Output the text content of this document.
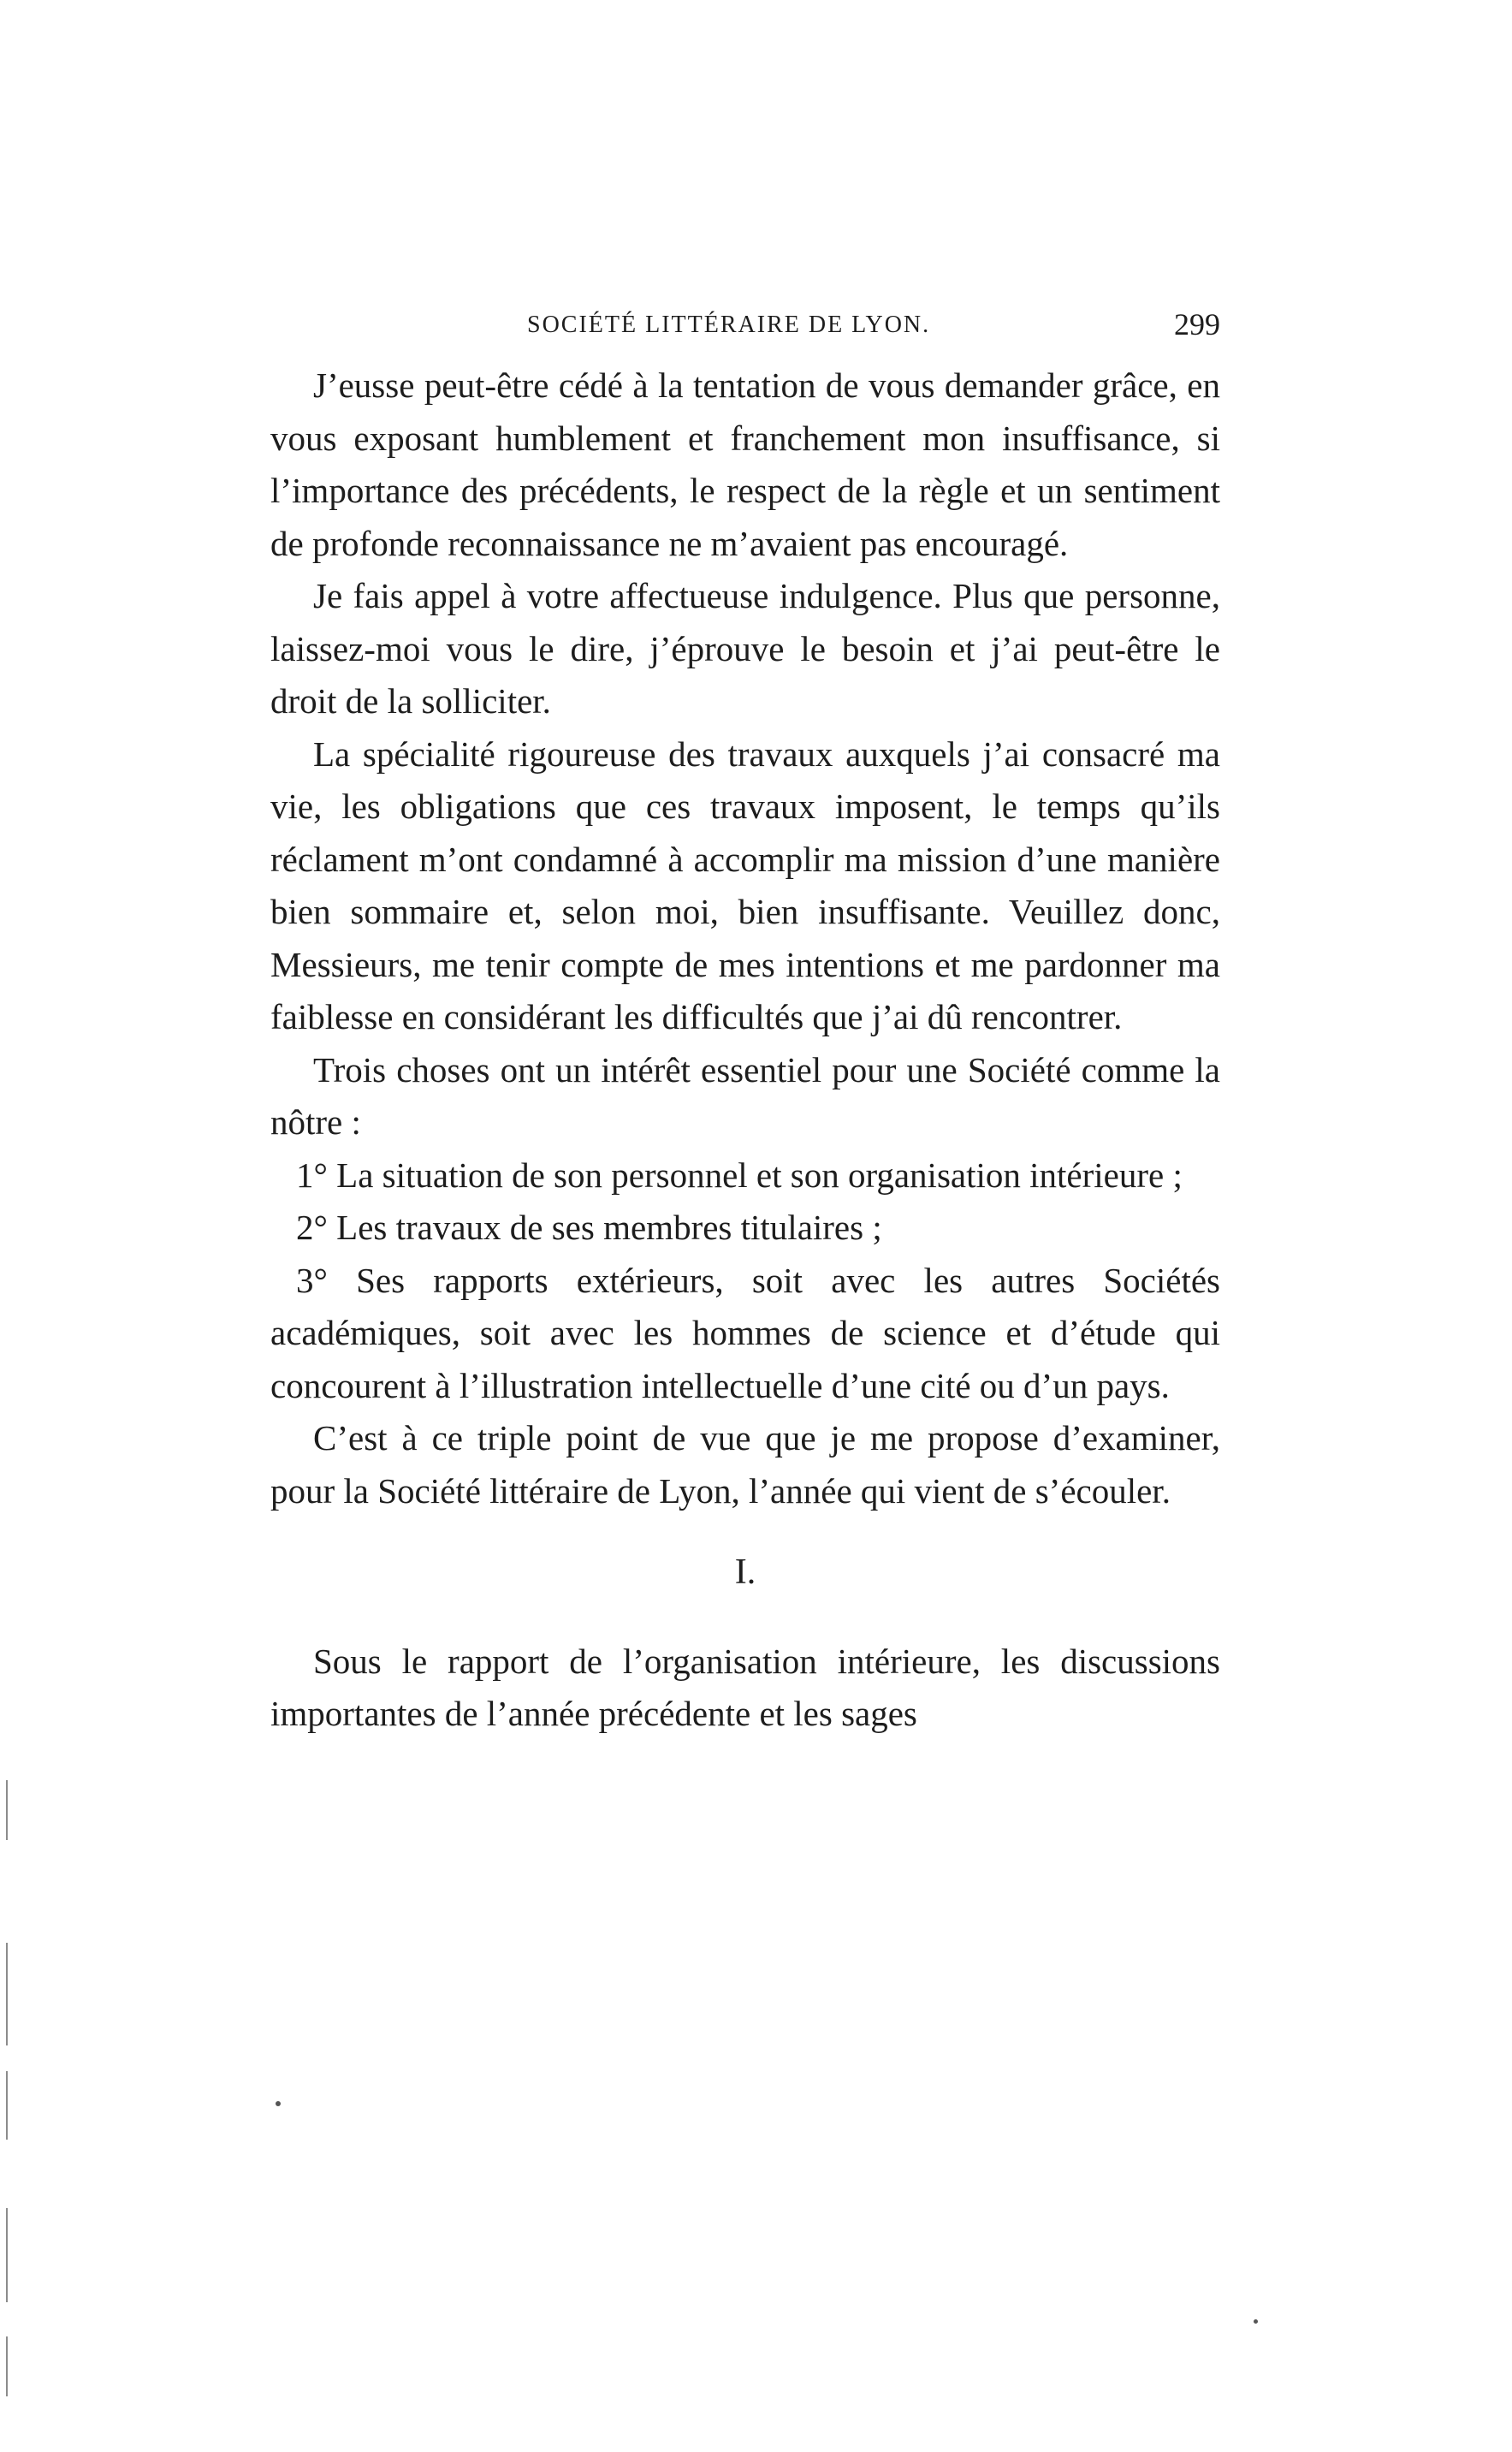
SOCIÉTÉ LITTÉRAIRE DE LYON.	299

J’eusse peut-être cédé à la tentation de vous demander grâce, en vous exposant humblement et franchement mon insuffisance, si l’importance des précédents, le respect de la règle et un sentiment de profonde reconnaissance ne m’avaient pas encouragé.

Je fais appel à votre affectueuse indulgence. Plus que personne, laissez-moi vous le dire, j’éprouve le besoin et j’ai peut-être le droit de la solliciter.

La spécialité rigoureuse des travaux auxquels j’ai consacré ma vie, les obligations que ces travaux imposent, le temps qu’ils réclament m’ont condamné à accomplir ma mission d’une manière bien sommaire et, selon moi, bien insuffisante. Veuillez donc, Messieurs, me tenir compte de mes intentions et me pardonner ma faiblesse en considérant les difficultés que j’ai dû rencontrer.

Trois choses ont un intérêt essentiel pour une Société comme la nôtre :

1° La situation de son personnel et son organisation intérieure ;

2° Les travaux de ses membres titulaires ;

3° Ses rapports extérieurs, soit avec les autres Sociétés académiques, soit avec les hommes de science et d’étude qui concourent à l’illustration intellectuelle d’une cité ou d’un pays.

C’est à ce triple point de vue que je me propose d’examiner, pour la Société littéraire de Lyon, l’année qui vient de s’écouler.

I.

Sous le rapport de l’organisation intérieure, les discussions importantes de l’année précédente et les sages
